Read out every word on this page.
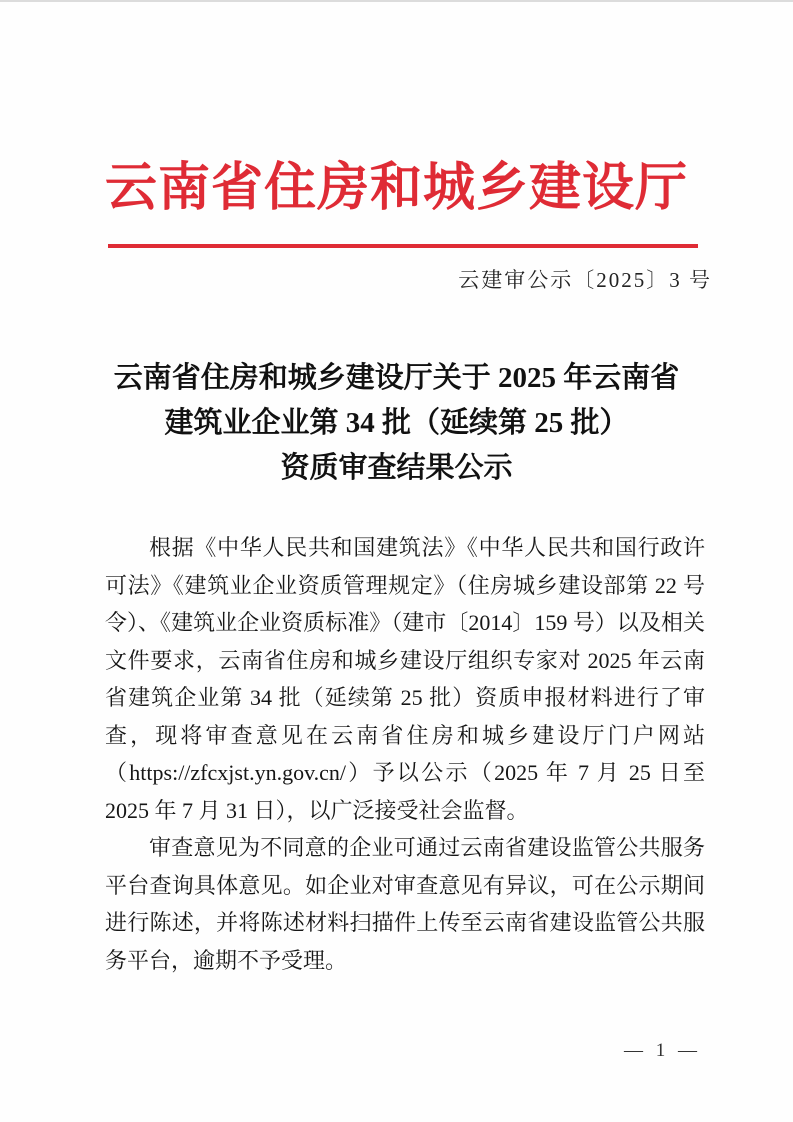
云南省住房和城乡建设厅
云建审公示〔2025〕3 号
云南省住房和城乡建设厅关于 2025 年云南省
建筑业企业第 34 批（延续第 25 批）
资质审查结果公示

根据《中华人民共和国建筑法》《中华人民共和国行政许可法》《建筑业企业资质管理规定》（住房城乡建设部第 22 号令）、《建筑业企业资质标准》（建市〔2014〕159 号）以及相关文件要求，云南省住房和城乡建设厅组织专家对 2025 年云南省建筑企业第 34 批（延续第 25 批）资质申报材料进行了审查，现将审查意见在云南省住房和城乡建设厅门户网站（https://zfcxjst.yn.gov.cn/）予以公示（2025 年 7 月 25 日至 2025 年 7 月 31 日），以广泛接受社会监督。

审查意见为不同意的企业可通过云南省建设监管公共服务平台查询具体意见。如企业对审查意见有异议，可在公示期间进行陈述，并将陈述材料扫描件上传至云南省建设监管公共服务平台，逾期不予受理。

— 1 —
